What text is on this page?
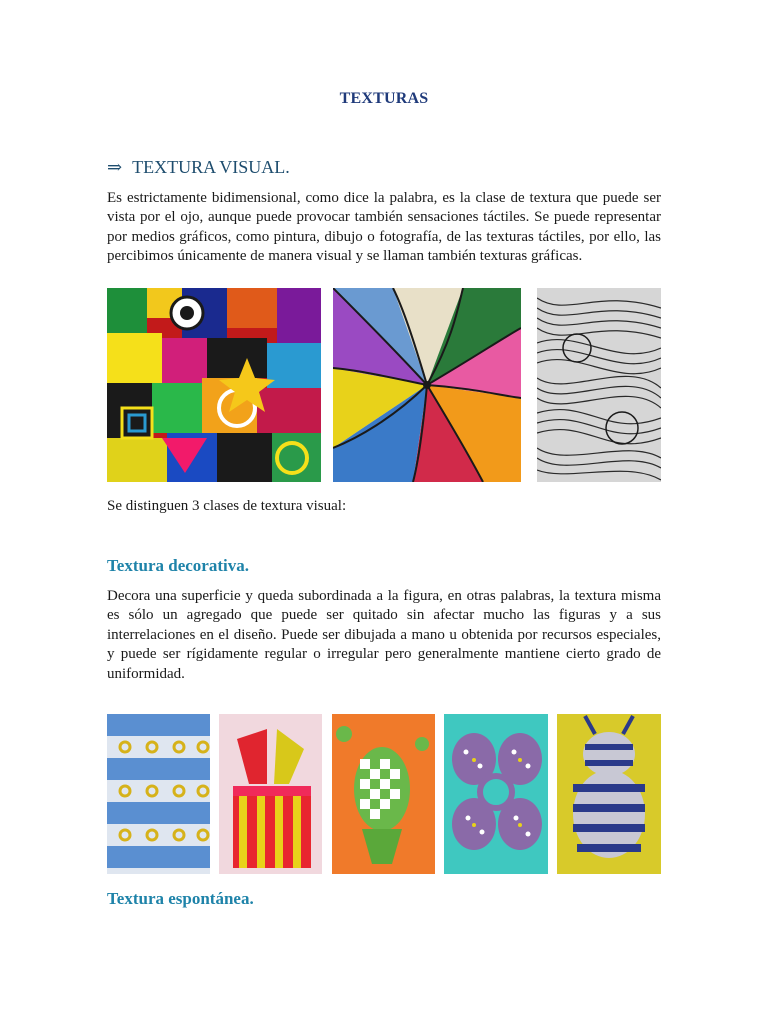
TEXTURAS
⇒ TEXTURA VISUAL.
Es estrictamente bidimensional, como dice la palabra, es la clase de textura que puede ser vista por el ojo, aunque puede provocar también sensaciones táctiles. Se puede representar por medios gráficos, como pintura, dibujo o fotografía, de las texturas táctiles, por ello, las percibimos únicamente de manera visual y se llaman también texturas gráficas.
Se distinguen 3 clases de textura visual:
Textura decorativa.
Decora una superficie y queda subordinada a la figura, en otras palabras, la textura misma es sólo un agregado que puede ser quitado sin afectar mucho las figuras y a sus interrelaciones en el diseño. Puede ser dibujada a mano u obtenida por recursos especiales, y puede ser rígidamente regular o irregular pero generalmente mantiene cierto grado de uniformidad.
Textura espontánea.
